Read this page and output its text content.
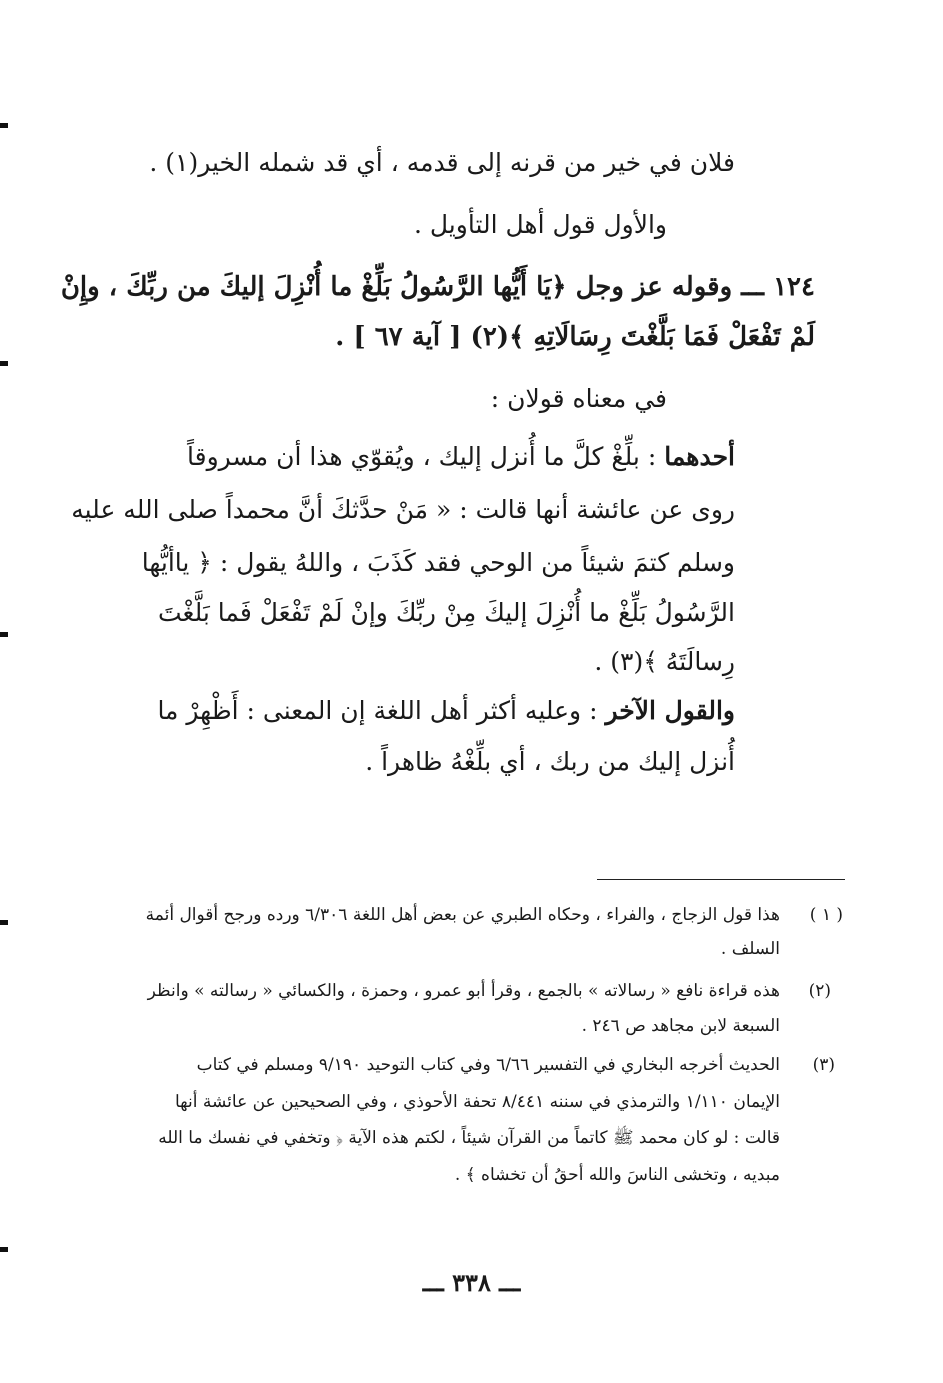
فلان في خير من قرنه إلى قدمه ، أي قد شمله الخير(١) .
والأول قول أهل التأويل .
١٢٤ ـــ وقوله عز وجل ﴿يَا أَيُّها الرَّسُولُ بَلِّغْ ما أُنْزِلَ إليكَ من ربِّكَ ، وإِنْ
لَمْ تَفْعَلْ فَمَا بَلَّغْتَ رِسَالَاتِهِ ﴾(٢) [ آية ٦٧ ] .
في معناه قولان :
أحدهما : بلِّغْ كلَّ ما أُنزل إليك ، ويُقوّي هذا أن مسروقاً
روى عن عائشة أنها قالت : « مَنْ حدَّثكَ أنَّ محمداً صلى الله عليه
وسلم كتمَ شيئاً من الوحي فقد كَذَبَ ، واللهُ يقول : ﴿ ياأيُّها
الرَّسُولُ بَلِّغْ ما أُنْزِلَ إليكَ مِنْ ربِّكَ وإنْ لَمْ تَفْعَلْ فَما بَلَّغْتَ
رِسالَتَهُ ﴾(٣) .
والقول الآخر : وعليه أكثر أهل اللغة إن المعنى : أَظْهِرْ ما
أُنزل إليك من ربك ، أي بلِّغْهُ ظاهراً .
( ١ )
هذا قول الزجاج ، والفراء ، وحكاه الطبري عن بعض أهل اللغة ٦/٣٠٦ ورده ورجح أقوال أئمة
السلف .
(٢)
هذه قراءة نافع « رسالاته » بالجمع ، وقرأ أبو عمرو ، وحمزة ، والكسائي « رسالته » وانظر
السبعة لابن مجاهد ص ٢٤٦ .
(٣)
الحديث أخرجه البخاري في التفسير ٦/٦٦ وفي كتاب التوحيد ٩/١٩٠ ومسلم في كتاب
الإيمان ١/١١٠ والترمذي في سننه ٨/٤٤١ تحفة الأحوذي ، وفي الصحيحين عن عائشة أنها
قالت : لو كان محمد ﷺ كاتماً من القرآن شيئاً ، لكتم هذه الآية ﴿ وتخفي في نفسك ما الله
مبديه ، وتخشى الناسَ والله أحقُ أن تخشاه ﴾ .
ـــ ٣٣٨ ـــ
